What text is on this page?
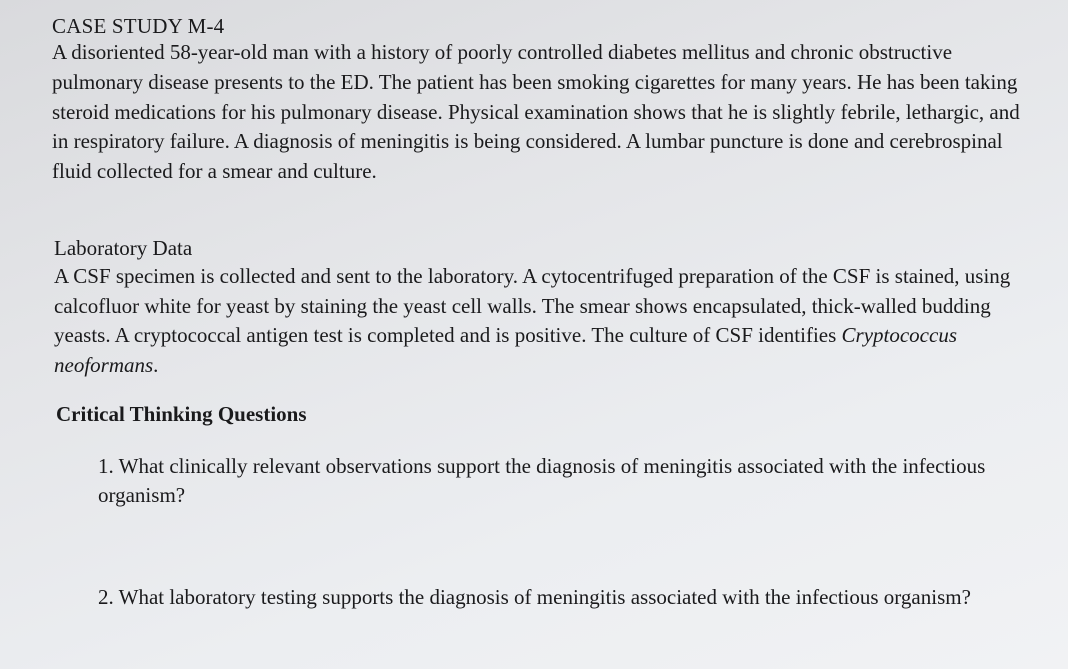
CASE STUDY M-4

A disoriented 58-year-old man with a history of poorly controlled diabetes mellitus and chronic obstructive pulmonary disease presents to the ED. The patient has been smoking cigarettes for many years. He has been taking steroid medications for his pulmonary disease. Physical examination shows that he is slightly febrile, lethargic, and in respiratory failure. A diagnosis of meningitis is being considered. A lumbar puncture is done and cerebrospinal fluid collected for a smear and culture.

Laboratory Data

A CSF specimen is collected and sent to the laboratory. A cytocentrifuged preparation of the CSF is stained, using calcofluor white for yeast by staining the yeast cell walls. The smear shows encapsulated, thick-walled budding yeasts. A cryptococcal antigen test is completed and is positive. The culture of CSF identifies Cryptococcus neoformans.

Critical Thinking Questions

1. What clinically relevant observations support the diagnosis of meningitis associated with the infectious organism?

2. What laboratory testing supports the diagnosis of meningitis associated with the infectious organism?
